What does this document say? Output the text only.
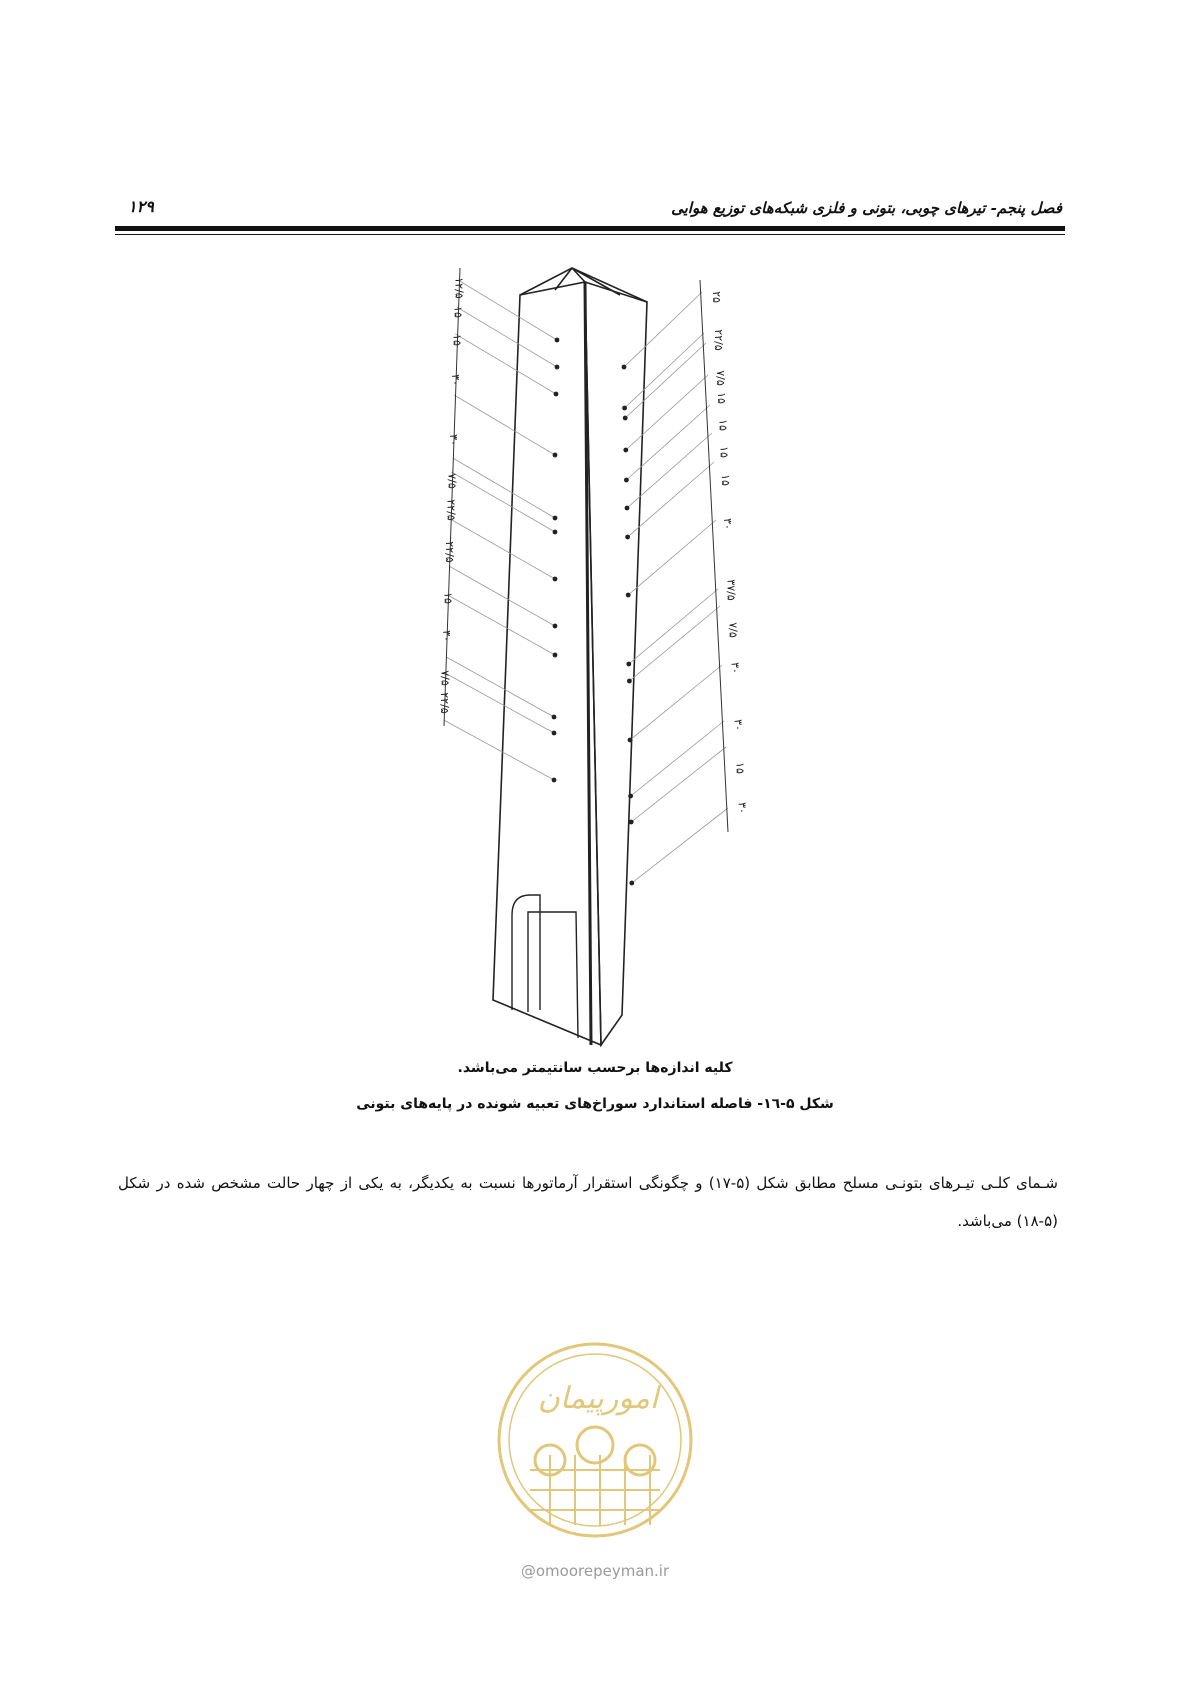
فصل پنجم- تیرهای چوبی، بتونی و فلزی شبکه‌های توزیع هوایی
۱۲۹
۱۲/۵
۱۵
۱۵
۳۰
۳۰
۷/۵
۲۲/۵
۲۲/۵
۱۵
۳۰
۷/۵
۲۲/۵
۲۵
۲۲/۵
۷/۵
۱۵
۱۵
۱۵
۱۵
۳۰
۳۷/۵
۷/۵
۳۰
۳۰
۱۵
۳۰
کلیه اندازه‌ها برحسب سانتیمتر می‌باشد.
شکل ۵-۱٦- فاصله استاندارد سوراخ‌های تعبیه شونده در پایه‌های بتونی
شـمای کلـی تیـرهای بتونـی مسلح مطابق شکل (۵-۱۷) و چگونگی استقرار آرماتورها نسبت به یکدیگر، به یکی از چهار حالت مشخص شده در شکل (۵-۱۸) می‌باشد.
امورپیمان
@omoorepeyman.ir
